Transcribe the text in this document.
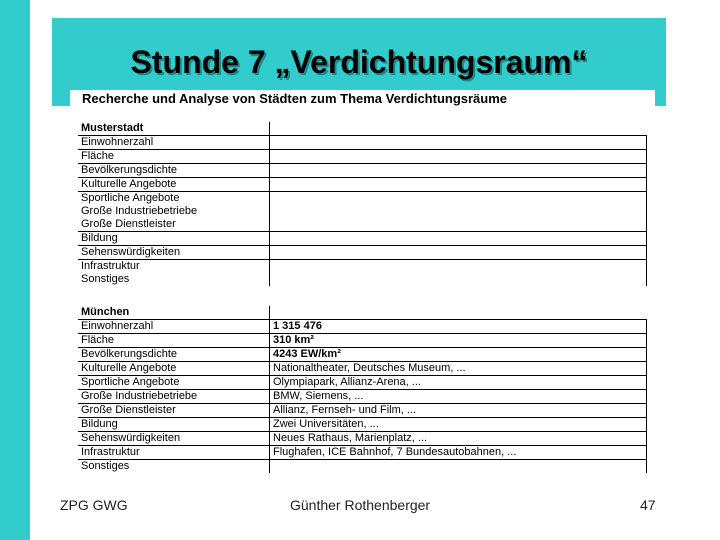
Stunde 7 „Verdichtungsraum“
Recherche und Analyse von Städten zum Thema Verdichtungsräume
Musterstadt	
Einwohnerzahl	
Fläche	
Bevölkerungsdichte	
Kulturelle Angebote	

Sportliche Angebote
Große Industriebetriebe
Große Dienstleister	

Bildung	
Sehenswürdigkeiten	

Infrastruktur
Sonstiges	

München	
Einwohnerzahl	1 315 476
Fläche	310 km²
Bevölkerungsdichte	4243 EW/km²
Kulturelle Angebote	Nationaltheater, Deutsches Museum, ...
Sportliche Angebote	Olympiapark, Allianz-Arena, ...
Große Industriebetriebe	BMW, Siemens, ...
Große Dienstleister	Allianz, Fernseh- und Film, ...
Bildung	Zwei Universitäten, ...
Sehenswürdigkeiten	Neues Rathaus, Marienplatz, ...
Infrastruktur	Flughafen, ICE Bahnhof, 7 Bundesautobahnen, ...
Sonstiges	
ZPG GWG	Günther Rothenberger	47
